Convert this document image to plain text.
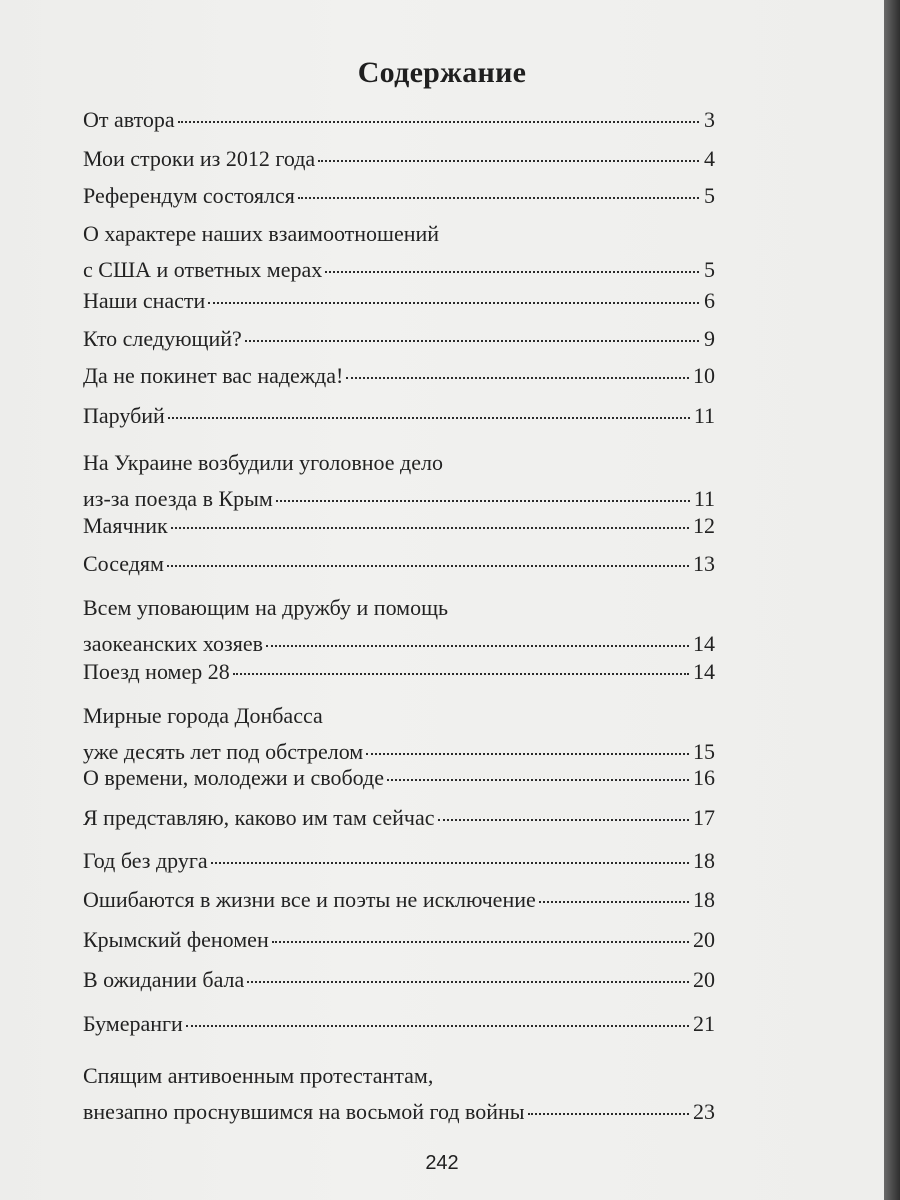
Содержание
От автора	3
Мои строки из 2012 года	4
Референдум состоялся	5
О характере наших взаимоотношений
с США и ответных мерах	5
Наши снасти	6
Кто следующий?	9
Да не покинет вас надежда!	10
Парубий	11
На Украине возбудили уголовное дело
из-за поезда в Крым	11
Маячник	12
Соседям	13
Всем уповающим на дружбу и помощь
заокеанских хозяев	14
Поезд номер 28	14
Мирные города Донбасса
уже десять лет под обстрелом	15
О времени, молодежи и свободе	16
Я представляю, каково им там сейчас	17
Год без друга	18
Ошибаются в жизни все и поэты не исключение	18
Крымский феномен	20
В ожидании бала	20
Бумеранги	21
Спящим антивоенным протестантам,
внезапно проснувшимся на восьмой год войны	23
242
